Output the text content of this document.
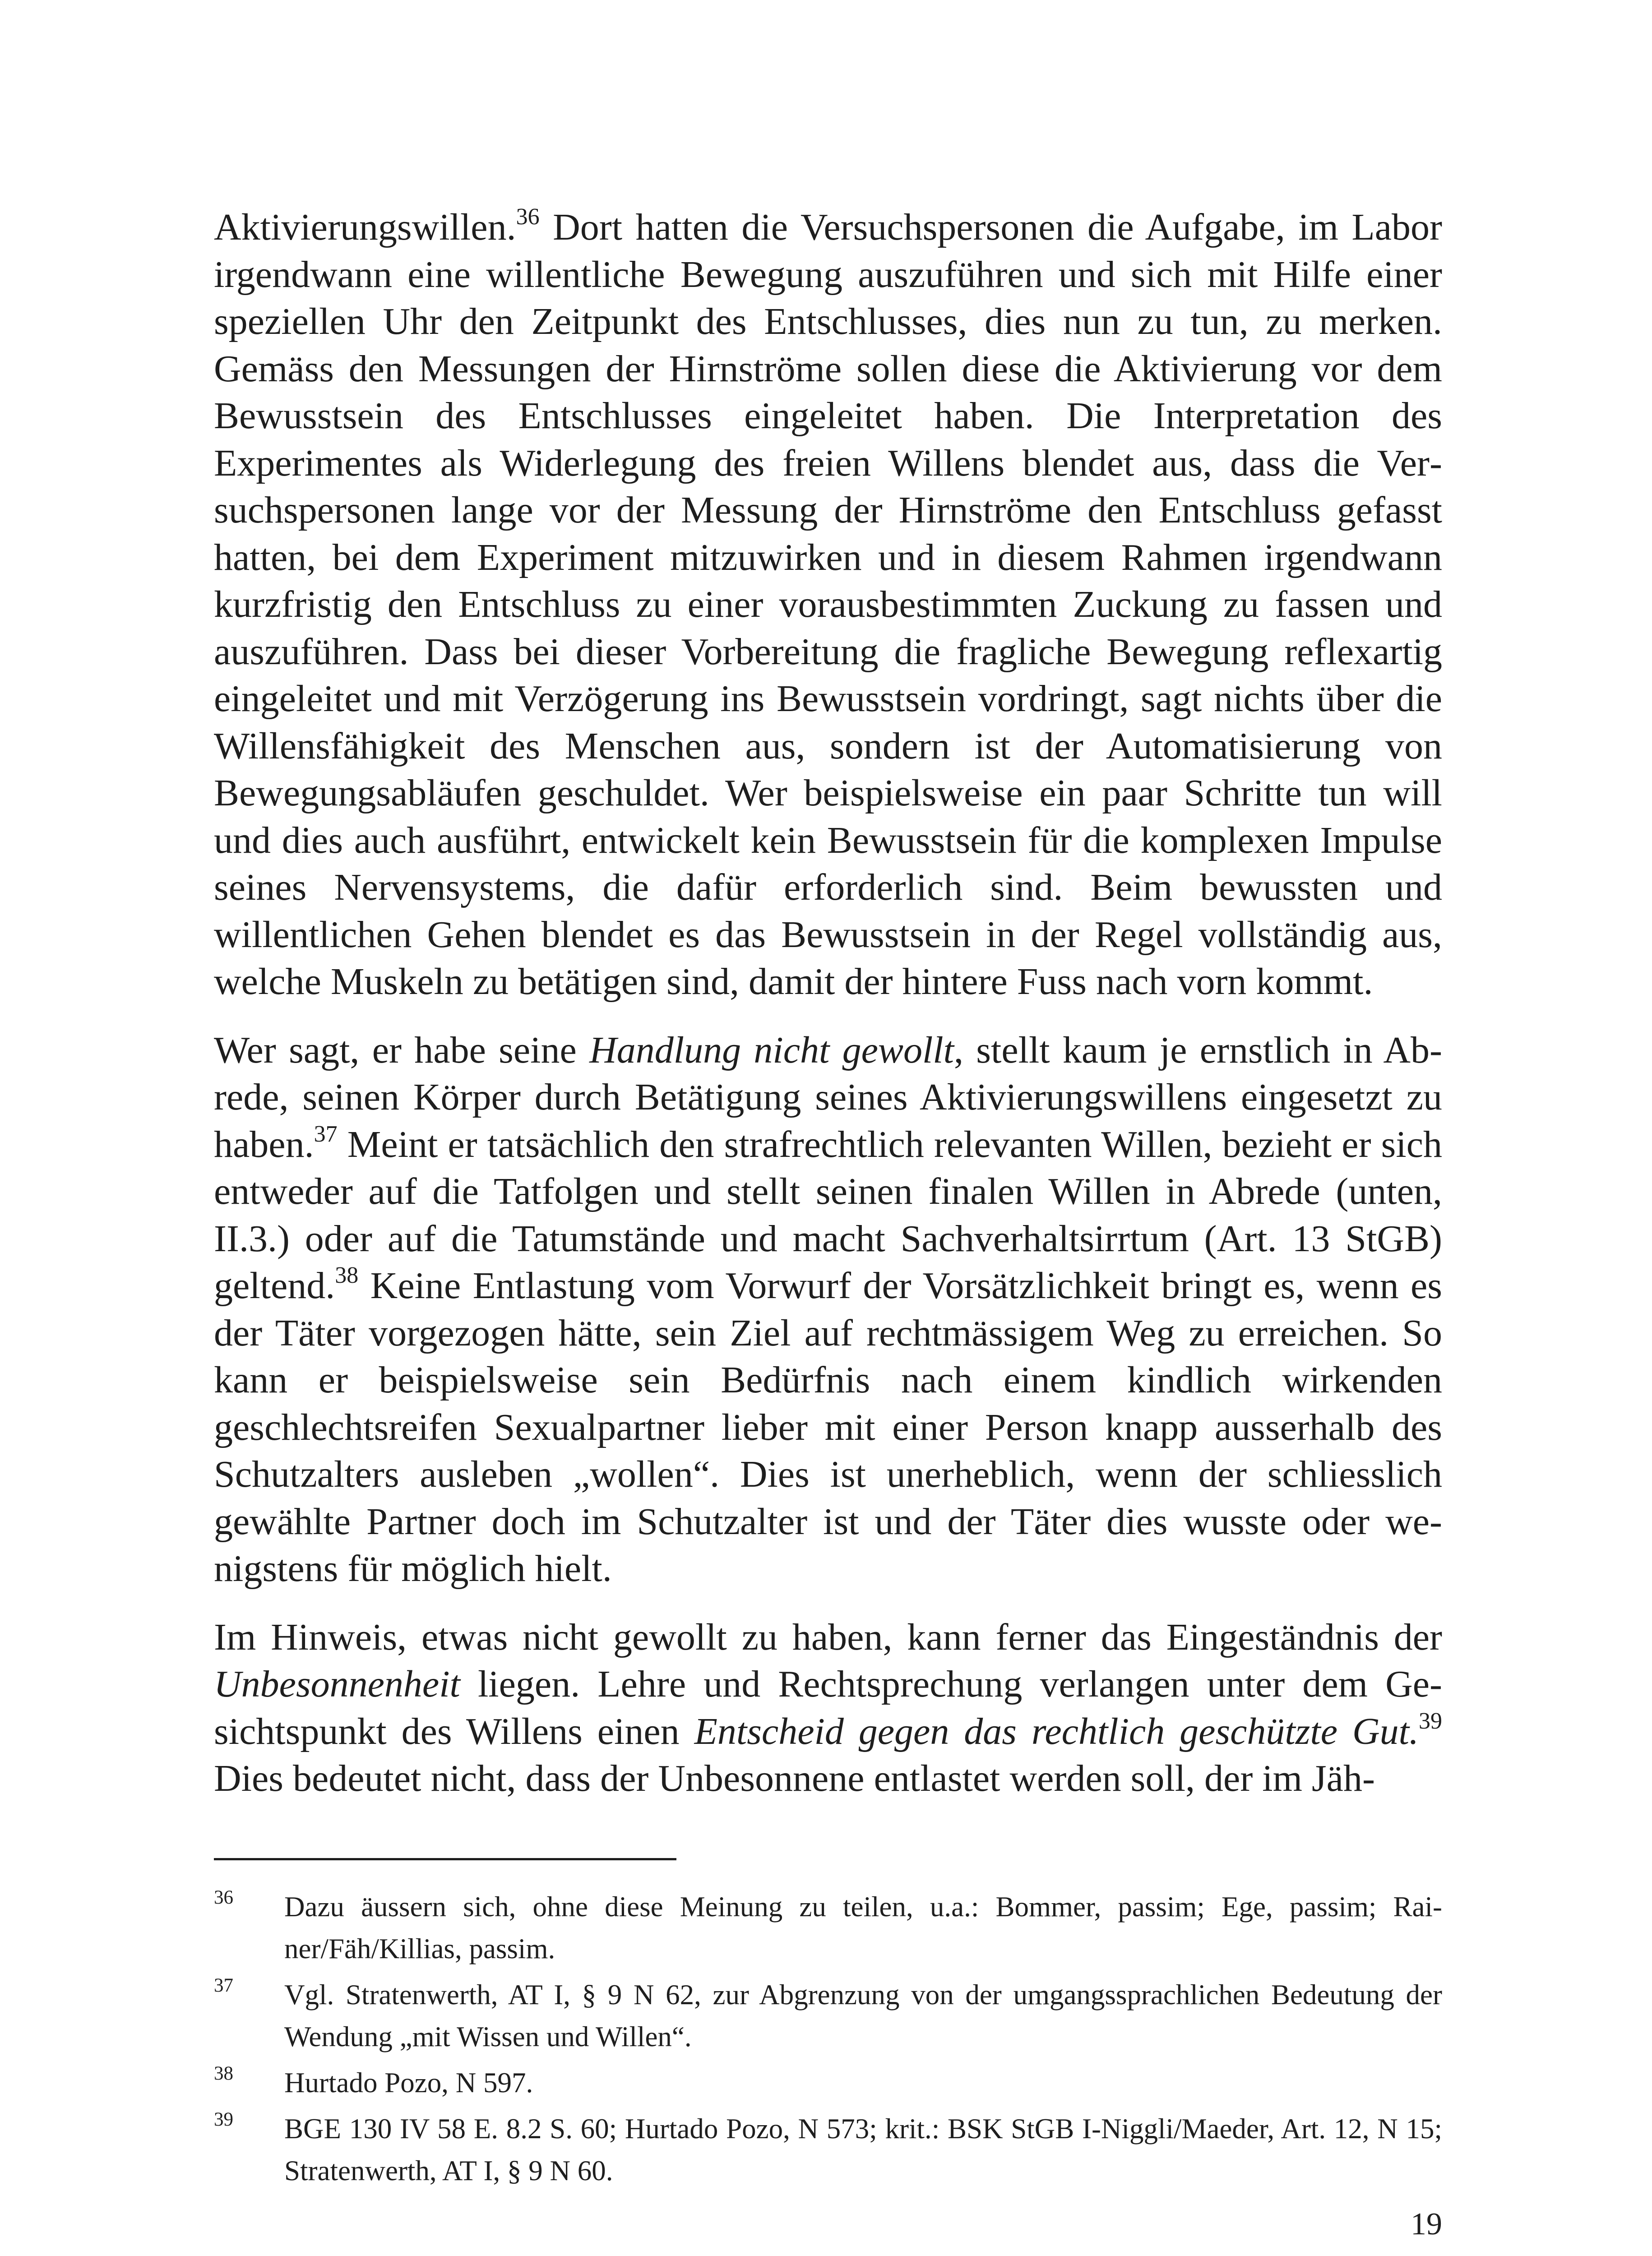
Aktivierungswillen.$^{36}$ Dort hatten die Versuchspersonen die Aufgabe, im Labor irgendwann eine willentliche Bewegung auszuführen und sich mit Hilfe einer speziellen Uhr den Zeitpunkt des Entschlusses, dies nun zu tun, zu merken. Gemäss den Messungen der Hirnströme sollen diese die Aktivierung vor dem Bewusstsein des Entschlusses eingeleitet haben. Die Interpretation des Experimentes als Widerlegung des freien Willens blendet aus, dass die Versuchspersonen lange vor der Messung der Hirnströme den Entschluss gefasst hatten, bei dem Experiment mitzuwirken und in diesem Rahmen irgendwann kurzfristig den Entschluss zu einer vorausbestimmten Zuckung zu fassen und auszuführen. Dass bei dieser Vorbereitung die fragliche Bewegung reflexartig eingeleitet und mit Verzögerung ins Bewusstsein vordringt, sagt nichts über die Willensfähigkeit des Menschen aus, sondern ist der Automatisierung von Bewegungsabläufen geschuldet. Wer beispielsweise ein paar Schritte tun will und dies auch ausführt, entwickelt kein Bewusstsein für die komplexen Impulse seines Nervensystems, die dafür erforderlich sind. Beim bewussten und willentlichen Gehen blendet es das Bewusstsein in der Regel vollständig aus, welche Muskeln zu betätigen sind, damit der hintere Fuss nach vorn kommt.

Wer sagt, er habe seine Handlung nicht gewollt, stellt kaum je ernstlich in Abrede, seinen Körper durch Betätigung seines Aktivierungswillens eingesetzt zu haben.$^{37}$ Meint er tatsächlich den strafrechtlich relevanten Willen, bezieht er sich entweder auf die Tatfolgen und stellt seinen finalen Willen in Abrede (unten, II.3.) oder auf die Tatumstände und macht Sachverhaltsirrtum (Art. 13 StGB) geltend.$^{38}$ Keine Entlastung vom Vorwurf der Vorsätzlichkeit bringt es, wenn es der Täter vorgezogen hätte, sein Ziel auf rechtmässigem Weg zu erreichen. So kann er beispielsweise sein Bedürfnis nach einem kindlich wirkenden geschlechtsreifen Sexualpartner lieber mit einer Person knapp ausserhalb des Schutzalters ausleben „wollen“. Dies ist unerheblich, wenn der schliesslich gewählte Partner doch im Schutzalter ist und der Täter dies wusste oder wenigstens für möglich hielt.

Im Hinweis, etwas nicht gewollt zu haben, kann ferner das Eingeständnis der Unbesonnenheit liegen. Lehre und Rechtsprechung verlangen unter dem Gesichtspunkt des Willens einen Entscheid gegen das rechtlich geschützte Gut.$^{39}$ Dies bedeutet nicht, dass der Unbesonnene entlastet werden soll, der im Jäh-

36	Dazu äussern sich, ohne diese Meinung zu teilen, u.a.: Bommer, passim; Ege, passim; Rainer/Fäh/Killias, passim.
37	Vgl. Stratenwerth, AT I, § 9 N 62, zur Abgrenzung von der umgangssprachlichen Bedeutung der Wendung „mit Wissen und Willen“.
38	Hurtado Pozo, N 597.
39	BGE 130 IV 58 E. 8.2 S. 60; Hurtado Pozo, N 573; krit.: BSK StGB I-Niggli/Maeder, Art. 12, N 15; Stratenwerth, AT I, § 9 N 60.
19
